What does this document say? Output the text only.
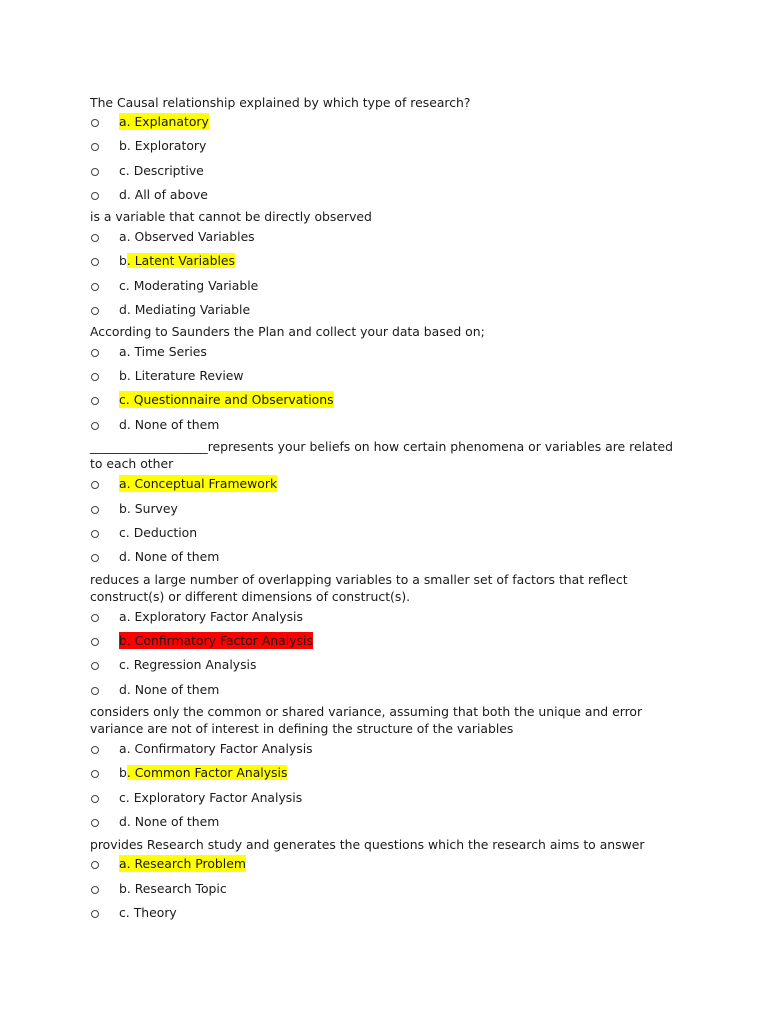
The Causal relationship explained by which type of research?
a. Explanatory
b. Exploratory
c. Descriptive
d. All of above
is a variable that cannot be directly observed
a. Observed Variables
b. Latent Variables
c. Moderating Variable
d. Mediating Variable
According to Saunders the Plan and collect your data based on;
a. Time Series
b. Literature Review
c. Questionnaire and Observations
d. None of them
___________________represents your beliefs on how certain phenomena or variables are related to each other
a. Conceptual Framework
b. Survey
c. Deduction
d. None of them
reduces a large number of overlapping variables to a smaller set of factors that reflect construct(s) or different dimensions of construct(s).
a. Exploratory Factor Analysis
b. Confirmatory Factor Analysis
c. Regression Analysis
d. None of them
considers only the common or shared variance, assuming that both the unique and error variance are not of interest in defining the structure of the variables
a. Confirmatory Factor Analysis
b. Common Factor Analysis
c. Exploratory Factor Analysis
d. None of them
provides Research study and generates the questions which the research aims to answer
a. Research Problem
b. Research Topic
c. Theory
